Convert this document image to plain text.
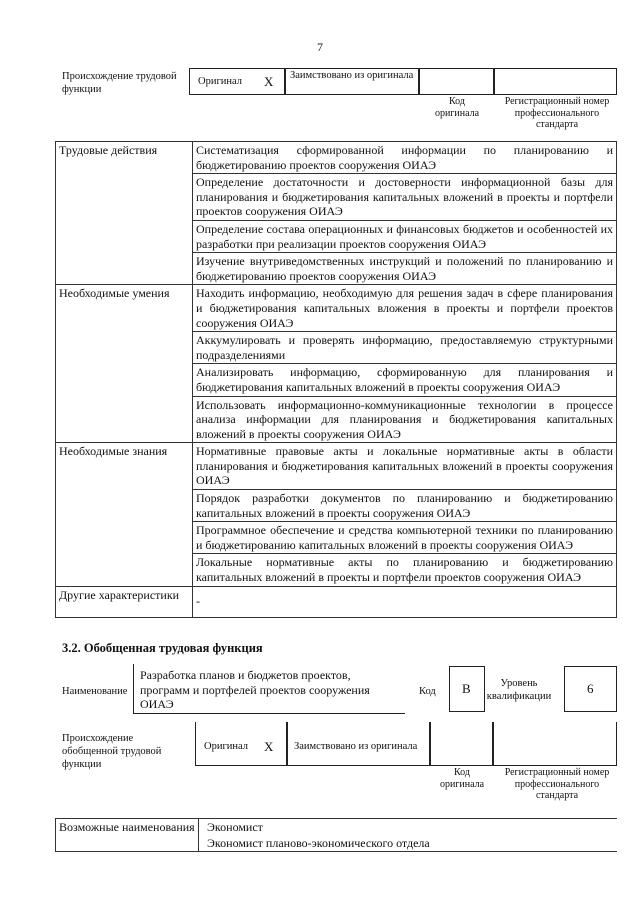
7
Происхождение трудовой функции
Оригинал X Заимствовано из оригинала
Код оригинала
Регистрационный номер профессионального стандарта
Трудовые действия	Систематизация сформированной информации по планированию и бюджетированию проектов сооружения ОИАЭ
	Определение достаточности и достоверности информационной базы для планирования и бюджетирования капитальных вложений в проекты и портфели проектов сооружения ОИАЭ
	Определение состава операционных и финансовых бюджетов и особенностей их разработки при реализации проектов сооружения ОИАЭ
	Изучение внутриведомственных инструкций и положений по планированию и бюджетированию проектов сооружения ОИАЭ
Необходимые умения	Находить информацию, необходимую для решения задач в сфере планирования и бюджетирования капитальных вложения в проекты и портфели проектов сооружения ОИАЭ
	Аккумулировать и проверять информацию, предоставляемую структурными подразделениями
	Анализировать информацию, сформированную для планирования и бюджетирования капитальных вложений в проекты сооружения ОИАЭ
	Использовать информационно-коммуникационные технологии в процессе анализа информации для планирования и бюджетирования капитальных вложений в проекты сооружения ОИАЭ
Необходимые знания	Нормативные правовые акты и локальные нормативные акты в области планирования и бюджетирования капитальных вложений в проекты сооружения ОИАЭ
	Порядок разработки документов по планированию и бюджетированию капитальных вложений в проекты сооружения ОИАЭ
	Программное обеспечение и средства компьютерной техники по планированию и бюджетированию капитальных вложений в проекты сооружения ОИАЭ
	Локальные нормативные акты по планированию и бюджетированию капитальных вложений в проекты и портфели проектов сооружения ОИАЭ
Другие характеристики	-
3.2. Обобщенная трудовая функция
Наименование
Разработка планов и бюджетов проектов, программ и портфелей проектов сооружения ОИАЭ
Код B	Уровень квалификации
6
Происхождение обобщенной трудовой функции
Оригинал X Заимствовано из оригинала
Код оригинала
Регистрационный номер профессионального стандарта
Возможные наименования	Экономист
Экономист планово-экономического отдела
